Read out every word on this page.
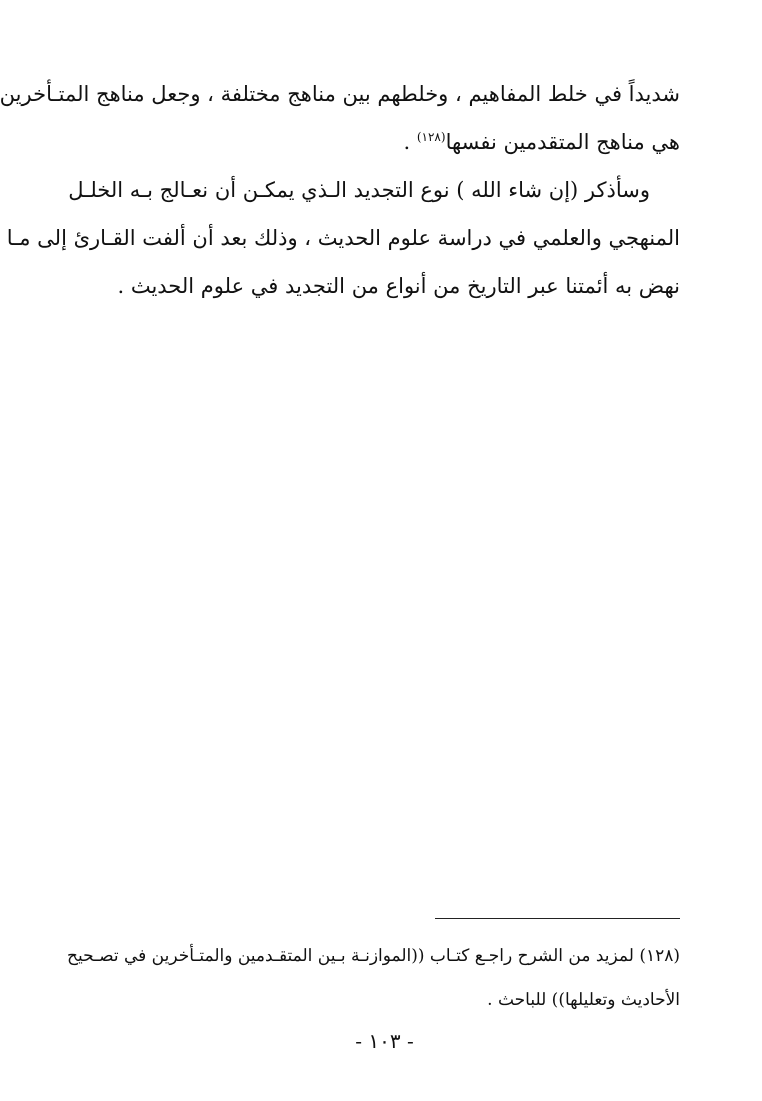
شديداً في خلط المفاهيم ، وخلطهم بين مناهج مختلفة ، وجعل مناهج المتـأخرين
هي مناهج المتقدمين نفسها$^{(١٢٨)}$ .
وسأذكر (إن شاء الله ) نوع التجديد الـذي يمكـن أن نعـالج بـه الخلـل
المنهجي والعلمي في دراسة علوم الحديث ، وذلك بعد أن ألفت القـارئ إلى مـا
نهض به أئمتنا عبر التاريخ من أنواع من التجديد في علوم الحديث .
(١٢٨) لمزيد من الشرح راجـع كتـاب ((الموازنـة بـين المتقـدمين والمتـأخرين في تصـحيح
الأحاديث وتعليلها)) للباحث .
- ١٠٣ -
